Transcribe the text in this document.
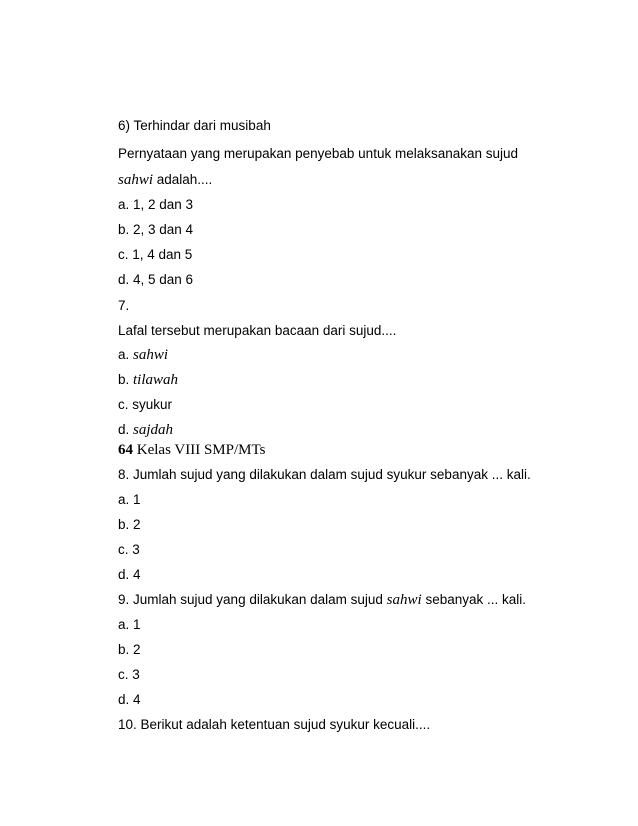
6) Terhindar dari musibah
Pernyataan yang merupakan penyebab untuk melaksanakan sujud
sahwi adalah....
a. 1, 2 dan 3
b. 2, 3 dan 4
c. 1, 4 dan 5
d. 4, 5 dan 6
7.
Lafal tersebut merupakan bacaan dari sujud....
a. sahwi
b. tilawah
c. syukur
d. sajdah
64 Kelas VIII SMP/MTs
8. Jumlah sujud yang dilakukan dalam sujud syukur sebanyak ... kali.
a. 1
b. 2
c. 3
d. 4
9. Jumlah sujud yang dilakukan dalam sujud sahwi sebanyak ... kali.
a. 1
b. 2
c. 3
d. 4
10. Berikut adalah ketentuan sujud syukur kecuali....
